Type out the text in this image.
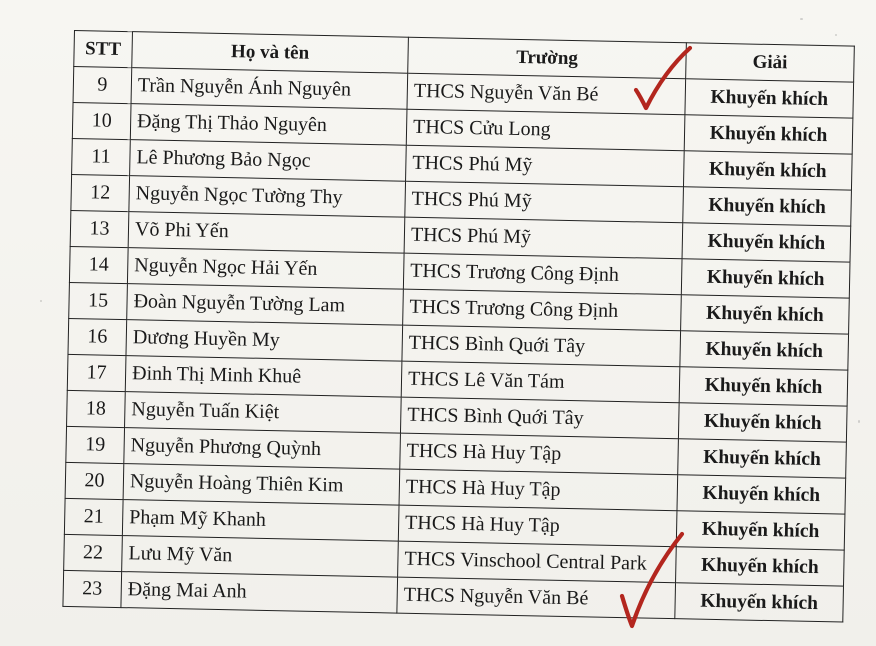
STT	Họ và tên	Trường	Giải
9	Trần Nguyễn Ánh Nguyên	THCS Nguyễn Văn Bé	Khuyến khích
10	Đặng Thị Thảo Nguyên	THCS Cửu Long	Khuyến khích
11	Lê Phương Bảo Ngọc	THCS Phú Mỹ	Khuyến khích
12	Nguyễn Ngọc Tường Thy	THCS Phú Mỹ	Khuyến khích
13	Võ Phi Yến	THCS Phú Mỹ	Khuyến khích
14	Nguyễn Ngọc Hải Yến	THCS Trương Công Định	Khuyến khích
15	Đoàn Nguyễn Tường Lam	THCS Trương Công Định	Khuyến khích
16	Dương Huyền My	THCS Bình Quới Tây	Khuyến khích
17	Đinh Thị Minh Khuê	THCS Lê Văn Tám	Khuyến khích
18	Nguyễn Tuấn Kiệt	THCS Bình Quới Tây	Khuyến khích
19	Nguyễn Phương Quỳnh	THCS Hà Huy Tập	Khuyến khích
20	Nguyễn Hoàng Thiên Kim	THCS Hà Huy Tập	Khuyến khích
21	Phạm Mỹ Khanh	THCS Hà Huy Tập	Khuyến khích
22	Lưu Mỹ Văn	THCS Vinschool Central Park	Khuyến khích
23	Đặng Mai Anh	THCS Nguyễn Văn Bé	Khuyến khích
